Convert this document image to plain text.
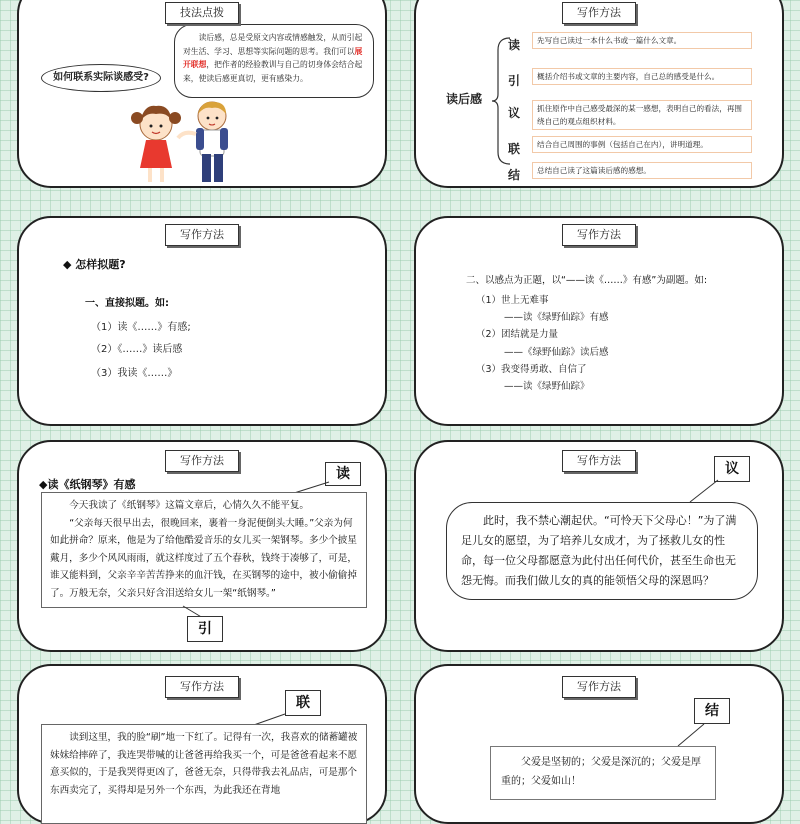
技法点拨
如何联系实际谈感受?
读后感，总是受原文内容或情感触发，从而引起对生活、学习、思想等实际问题的思考。我们可以展开联想，把作者的经验教训与自己的切身体会结合起来，使读后感更真切，更有感染力。
写作方法
读后感
读	先写自己读过一本什么书或一篇什么文章。
引	概括介绍书或文章的主要内容，自己总的感受是什么。
议	抓住原作中自己感受最深的某一感想，表明自己的看法，再围绕自己的观点组织材料。
联	结合自己周围的事例（包括自己在内），讲明道理。
结	总结自己读了这篇读后感的感想。
写作方法
◆ 怎样拟题?
一、直接拟题。如:
（1）读《……》有感;
（2）《……》读后感
（3）我读《……》
写作方法
二、以感点为正题，以“——读《……》有感”为副题。如:
（1）世上无难事
——读《绿野仙踪》有感
（2）团结就是力量
——《绿野仙踪》读后感
（3）我变得勇敢、自信了
——读《绿野仙踪》
写作方法
◆读《纸钢琴》有感
读

今天我读了《纸钢琴》这篇文章后，心情久久不能平复。

“父亲每天很早出去，很晚回来，裹着一身泥便倒头大睡。”父亲为何如此拼命？原来，他是为了给他酷爱音乐的女儿买一架钢琴。多少个披星戴月，多少个风风雨雨，就这样度过了五个春秋，钱终于凑够了，可是，谁又能料到，父亲辛辛苦苦挣来的血汗钱，在买钢琴的途中，被小偷偷掉了。万般无奈，父亲只好含泪送给女儿一架“纸钢琴。”

引
写作方法
议

此时，我不禁心潮起伏。“可怜天下父母心！”为了满足儿女的愿望，为了培养儿女成才，为了拯救儿女的性命，每一位父母都愿意为此付出任何代价，甚至生命也无怨无悔。而我们做儿女的真的能领悟父母的深恩吗？

写作方法
联

读到这里，我的脸“刷”地一下红了。记得有一次，我喜欢的储蓄罐被妹妹给摔碎了，我连哭带喊的让爸爸再给我买一个，可是爸爸看起来不愿意买似的，于是我哭得更凶了，爸爸无奈，只得带我去礼品店，可是那个东西卖完了，买得却是另外一个东西，为此我还在背地

写作方法
结

父爱是坚韧的；父爱是深沉的；父爱是厚重的；父爱如山！
